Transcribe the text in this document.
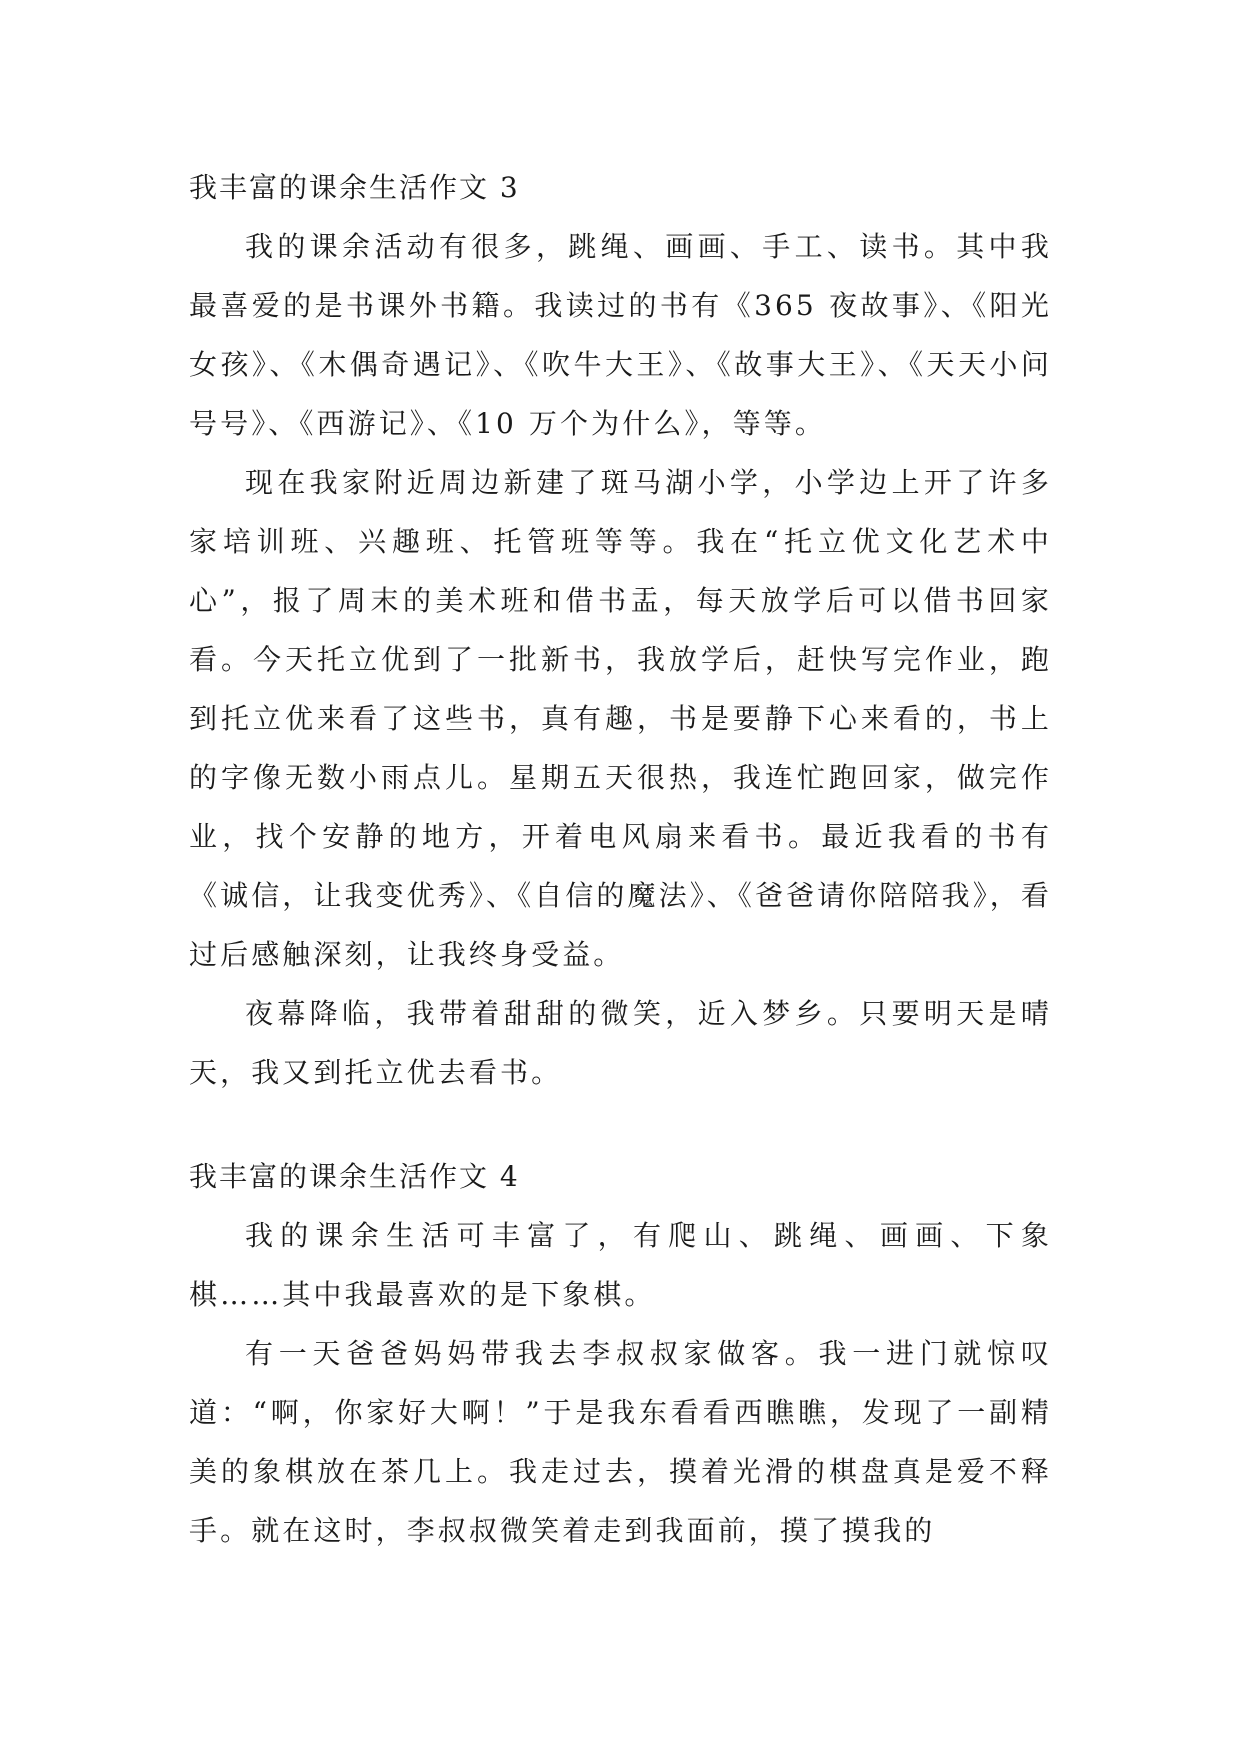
我丰富的课余生活作文 3

我的课余活动有很多，跳绳、画画、手工、读书。其中我最喜爱的是书课外书籍。我读过的书有《365 夜故事》、《阳光女孩》、《木偶奇遇记》、《吹牛大王》、《故事大王》、《天天小问号号》、《西游记》、《10 万个为什么》，等等。

现在我家附近周边新建了斑马湖小学，小学边上开了许多家培训班、兴趣班、托管班等等。我在“托立优文化艺术中心”，报了周末的美术班和借书盂，每天放学后可以借书回家看。今天托立优到了一批新书，我放学后，赶快写完作业，跑到托立优来看了这些书，真有趣，书是要静下心来看的，书上的字像无数小雨点儿。星期五天很热，我连忙跑回家，做完作业，找个安静的地方，开着电风扇来看书。最近我看的书有《诚信，让我变优秀》、《自信的魔法》、《爸爸请你陪陪我》，看过后感触深刻，让我终身受益。

夜幕降临，我带着甜甜的微笑，近入梦乡。只要明天是晴天，我又到托立优去看书。

我丰富的课余生活作文 4

我的课余生活可丰富了，有爬山、跳绳、画画、下象棋……其中我最喜欢的是下象棋。

有一天爸爸妈妈带我去李叔叔家做客。我一进门就惊叹道：“啊，你家好大啊！”于是我东看看西瞧瞧，发现了一副精美的象棋放在茶几上。我走过去，摸着光滑的棋盘真是爱不释手。就在这时，李叔叔微笑着走到我面前，摸了摸我的
